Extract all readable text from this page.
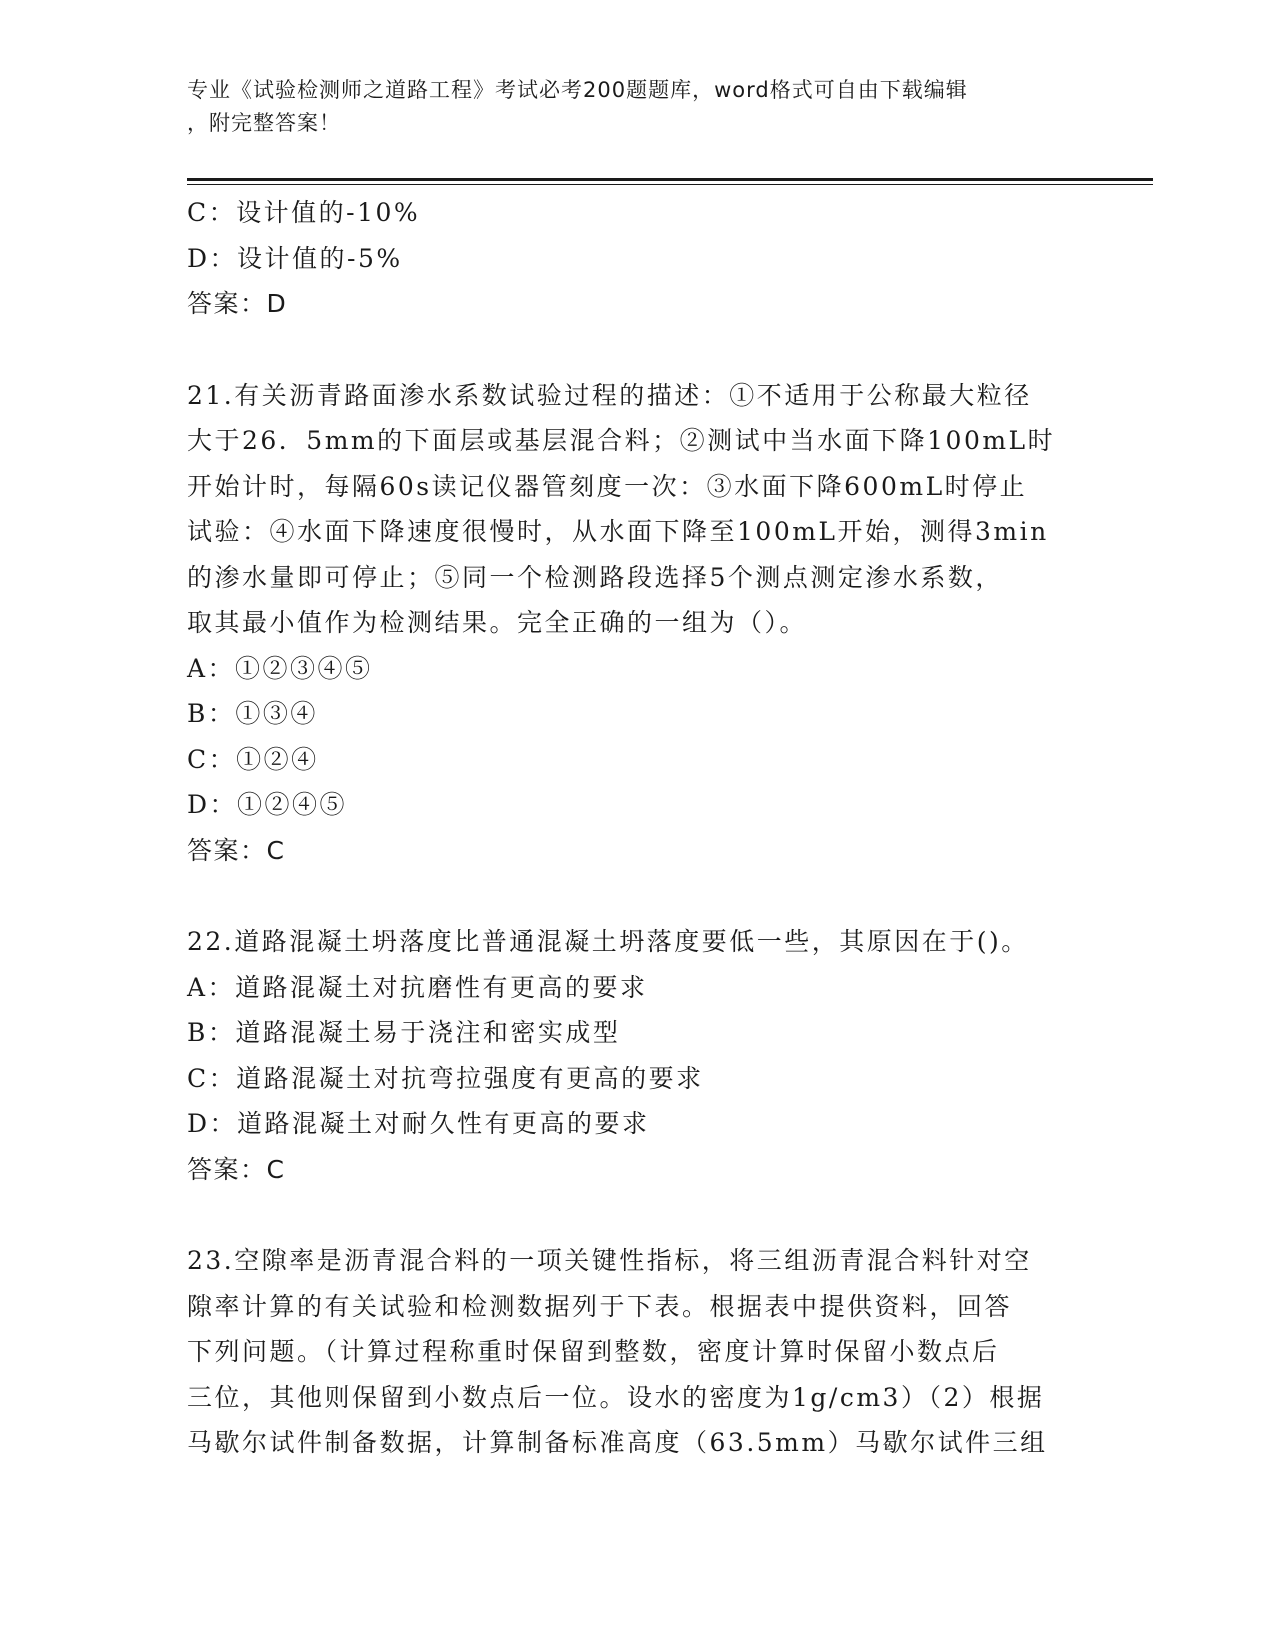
专业《试验检测师之道路工程》考试必考200题题库，word格式可自由下载编辑
，附完整答案！
C：设计值的-10%
D：设计值的-5%
答案：D
21.有关沥青路面渗水系数试验过程的描述：①不适用于公称最大粒径
大于26．5mm的下面层或基层混合料；②测试中当水面下降100mL时
开始计时，每隔60s读记仪器管刻度一次：③水面下降600mL时停止
试验：④水面下降速度很慢时，从水面下降至100mL开始，测得3min
的渗水量即可停止；⑤同一个检测路段选择5个测点测定渗水系数，
取其最小值作为检测结果。完全正确的一组为（）。
A：①②③④⑤
B：①③④
C：①②④
D：①②④⑤
答案：C
22.道路混凝土坍落度比普通混凝土坍落度要低一些，其原因在于()。
A：道路混凝土对抗磨性有更高的要求
B：道路混凝土易于浇注和密实成型
C：道路混凝土对抗弯拉强度有更高的要求
D：道路混凝土对耐久性有更高的要求
答案：C
23.空隙率是沥青混合料的一项关键性指标，将三组沥青混合料针对空
隙率计算的有关试验和检测数据列于下表。根据表中提供资料，回答
下列问题。（计算过程称重时保留到整数，密度计算时保留小数点后
三位，其他则保留到小数点后一位。设水的密度为1g/cm3）（2）根据
马歇尔试件制备数据，计算制备标准高度（63.5mm）马歇尔试件三组
